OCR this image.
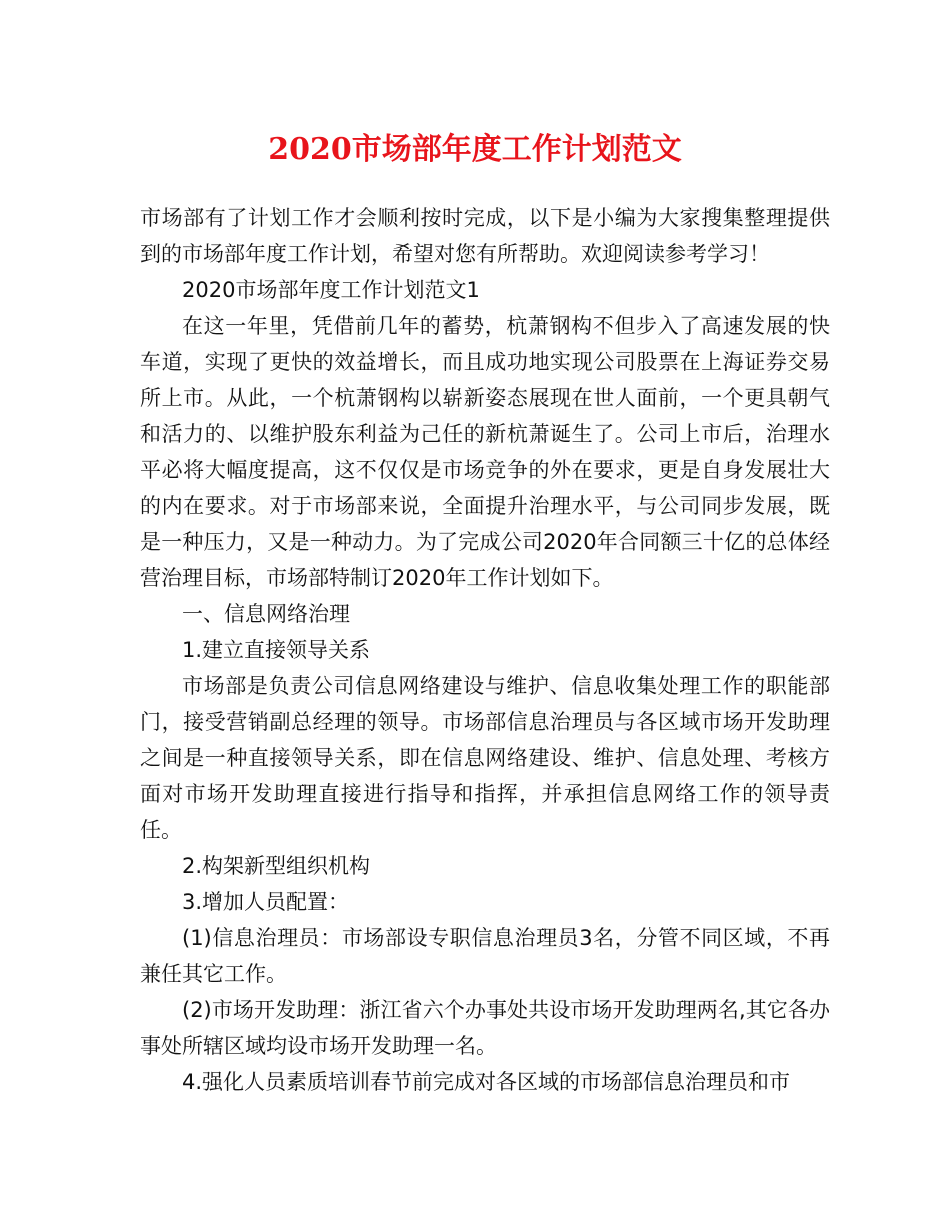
2020市场部年度工作计划范文

市场部有了计划工作才会顺利按时完成，以下是小编为大家搜集整理提供到的市场部年度工作计划，希望对您有所帮助。欢迎阅读参考学习！

2020市场部年度工作计划范文1

在这一年里，凭借前几年的蓄势，杭萧钢构不但步入了高速发展的快车道，实现了更快的效益增长，而且成功地实现公司股票在上海证券交易所上市。从此，一个杭萧钢构以崭新姿态展现在世人面前，一个更具朝气和活力的、以维护股东利益为己任的新杭萧诞生了。公司上市后，治理水平必将大幅度提高，这不仅仅是市场竞争的外在要求，更是自身发展壮大的内在要求。对于市场部来说，全面提升治理水平，与公司同步发展，既是一种压力，又是一种动力。为了完成公司2020年合同额三十亿的总体经营治理目标，市场部特制订2020年工作计划如下。

一、信息网络治理

1.建立直接领导关系

市场部是负责公司信息网络建设与维护、信息收集处理工作的职能部门，接受营销副总经理的领导。市场部信息治理员与各区域市场开发助理之间是一种直接领导关系，即在信息网络建设、维护、信息处理、考核方面对市场开发助理直接进行指导和指挥，并承担信息网络工作的领导责任。

2.构架新型组织机构

3.增加人员配置：

(1)信息治理员：市场部设专职信息治理员3名，分管不同区域，不再兼任其它工作。

(2)市场开发助理：浙江省六个办事处共设市场开发助理两名,其它各办事处所辖区域均设市场开发助理一名。

4.强化人员素质培训春节前完成对各区域的市场部信息治理员和市
